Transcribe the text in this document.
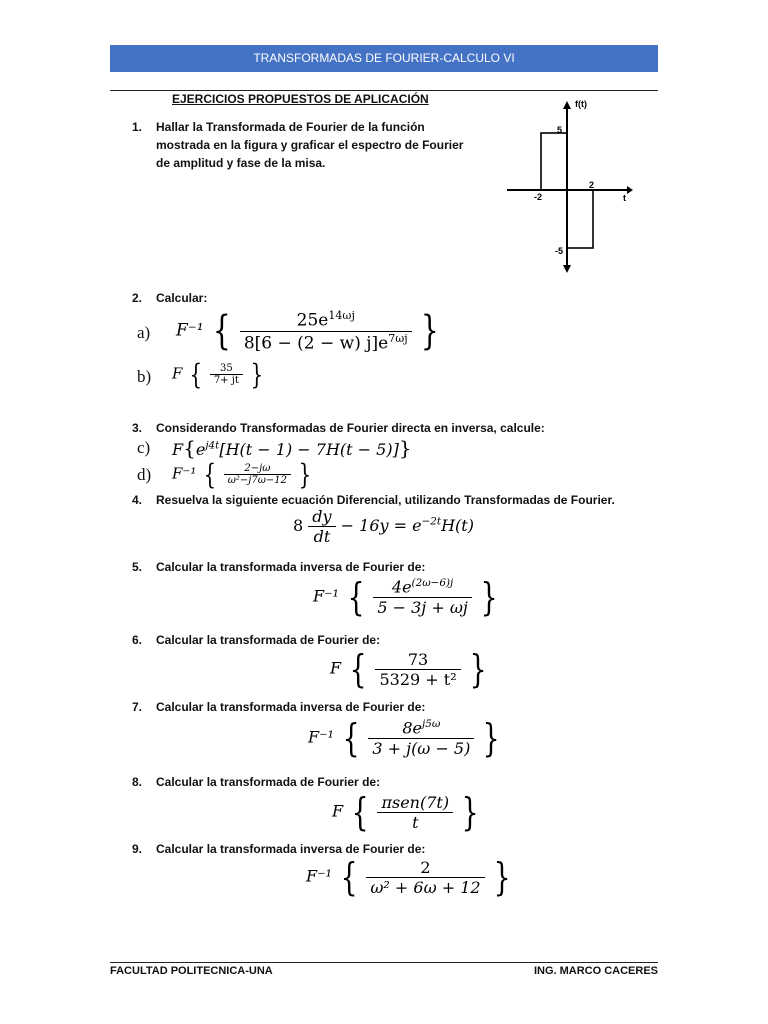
TRANSFORMADAS DE FOURIER-CALCULO VI
EJERCICIOS PROPUESTOS DE APLICACIÓN
1. Hallar la Transformada de Fourier de la función mostrada en la figura y graficar el espectro de Fourier de amplitud y fase de la misa.
f(t)
t
5
-5
-2
2
2. Calcular:
a) F⁻¹ { $\frac{25e^{14\omega j}}{8[6 - (2 - w) j]e^{7\omega j}}$ }
b) F { $\frac{35}{7+ jt}$ }
3. Considerando Transformadas de Fourier directa en inversa, calcule:
c) $F\{e^{j4t}[H(t - 1) - 7H(t - 5)]\}$
d) F⁻¹ { $\frac{2-j\omega}{\text{ω²−j7ω−12}}$ }
4. Resuelva la siguiente ecuación Diferencial, utilizando Transformadas de Fourier.
$8 \frac{dy}{dt} - 16y = e^{-2t}H(t)$
5. Calcular la transformada inversa de Fourier de:
F⁻¹ { $\frac{4e^{(2\omega-6)j}}{5 - 3j + \omega j}$ }
6. Calcular la transformada de Fourier de:
F { $\frac{73}{\text{5329 + t²}}$ }
7. Calcular la transformada inversa de Fourier de:
F⁻¹ { $\frac{8e^{j5\omega}}{3 + j(\omega - 5)}$ }
8. Calcular la transformada de Fourier de:
F { $\frac{\text{πsen(7t)}}{t}$ }
9. Calcular la transformada inversa de Fourier de:
F⁻¹ { $\frac{2}{\text{ω² + 6ω + 12}}$ }
FACULTAD POLITECNICA-UNA	ING. MARCO CACERES
